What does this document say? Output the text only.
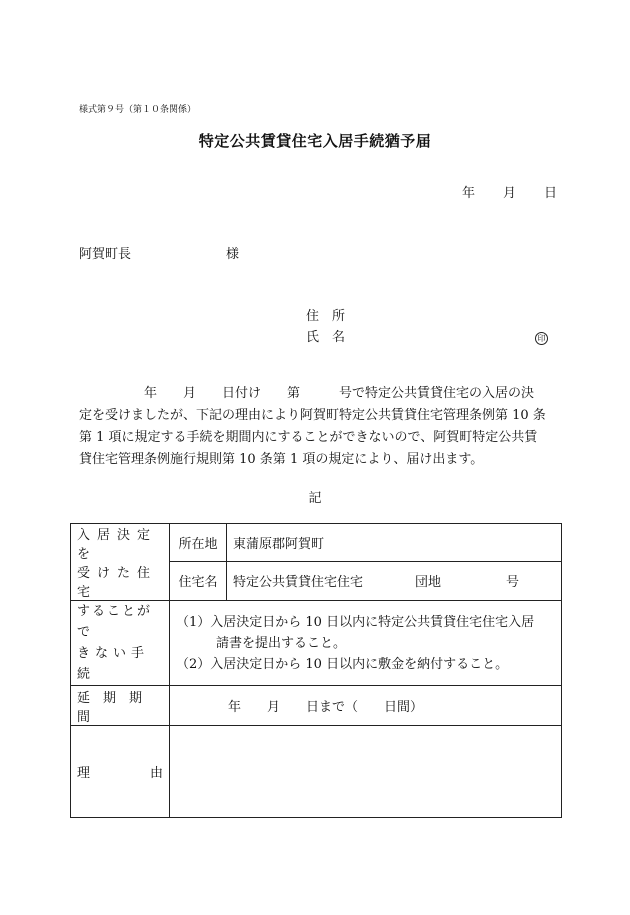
様式第９号（第１０条関係）
特定公共賃貸住宅入居手続猶予届
年 月 日
阿賀町長	様
住　所
氏　名	印
　　　　　年　　月　　日付け　　第　　　号で特定公共賃貸住宅の入居の決
定を受けましたが、下記の理由により阿賀町特定公共賃貸住宅管理条例第 10 条
第 1 項に規定する手続を期間内にすることができないので、阿賀町特定公共賃
貸住宅管理条例施行規則第 10 条第 1 項の規定により、届け出ます。
記
入居決定を
受けた住宅	所在地	東蒲原郡阿賀町
	住宅名	特定公共賃貸住宅住宅　　　　団地　　　　　号

することがで
きない手続	（1）入居決定日から 10 日以内に特定公共賃貸住宅住宅入居
請書を提出すること。
（2）入居決定日から 10 日以内に敷金を納付すること。	

延期期間	　　　　年　　月　　日まで（　　日間）	

理 由		
